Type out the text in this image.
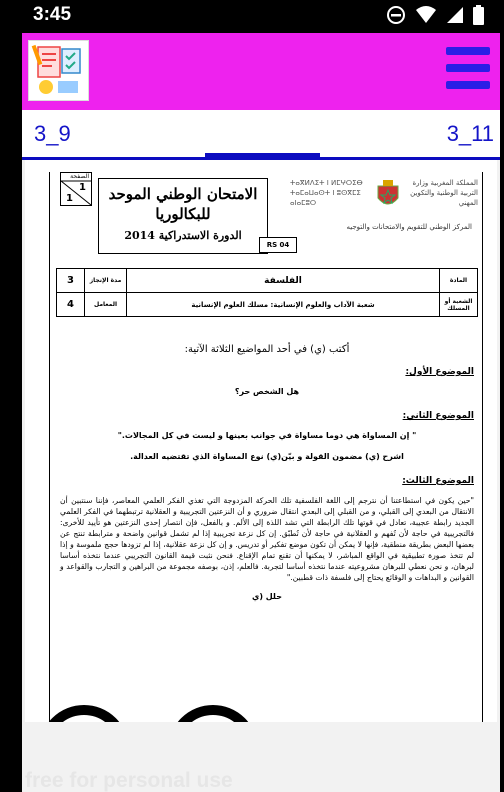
3:45
3_9	3_10	3_11
الصفحة
1
1	الامتحان الوطني الموحد
للبكالوريا
الدورة الاستدراكية 2014
RS 04
المملكة المغربية وزارة التربية الوطنية والتكوين المهني
ⵜⴰⴳⵍⴷⵉⵜ ⵏ ⵍⵎⵖⵔⵉⴱ ⵜⴰⵎⴰⵡⴰⵙⵜ ⵏ ⵓⵙⴳⵎⵉ ⴰⵏⴰⵎⵓⵔ
المركز الوطني للتقويم والامتحانات والتوجيه
3	مدة الإنجاز	الفلسفة	المادة
4	المعامل	شعبة الآداب والعلوم الإنسانية: مسلك العلوم الإنسانية	الشعبة أو المسلك
أكتب (ي) في أحد المواضيع الثلاثة الآتية:
الموضوع الأول:
هل الشخص حر؟
الموضوع الثاني:
" إن المساواة هي دوما مساواة في جوانب بعينها و ليست في كل المجالات."
اشرح (ي) مضمون القولة و بيّن(ي) نوع المساواة الذي تقتضيه العدالة.
الموضوع الثالث:
"حين يكون في استطاعتنا أن نترجم إلى اللغة الفلسفية تلك الحركة المزدوجة التي تغذي الفكر العلمي المعاصر، فإننا سنتبين أن الانتقال من البعدي إلى القبلي، و من القبلي إلى البعدي انتقال ضروري و أن النزعتين التجريبية و العقلانية ترتبطهما في الفكر العلمي الجديد رابطة عجيبة، تعادل في قوتها تلك الرابطة التي تشد اللذة إلى الألم. و بالفعل، فإن انتصار إحدى النزعتين هو تأييد للأخرى: فالتجريبية في حاجة لأن تُفهم و العقلانية في حاجة لأن تُطبّق. إن كل نزعة تجريبية إذا لم تشمل قوانين واضحة و مترابطة تنتج عن بعضها البعض بطريقة منطقية، فإنها لا يمكن أن تكون موضع تفكير أو تدريس. و إن كل نزعة عقلانية، إذا لم تزودها حجج ملموسة و إذا لم تتخذ صورة تطبيقية في الواقع المباشر، لا يمكنها أن تقنع تمام الإقناع. فنحن نثبت قيمة القانون التجريبي عندما نتخذه أساسا لبرهان، و نحن نعطي للبرهان مشروعيته عندما نتخذه أساسا لتجربة. فالعلم، إذن، بوصفه مجموعة من البراهين و التجارب والقواعد و القوانين و البداهات و الوقائع يحتاج إلى فلسفة ذات قطبين."
حلل (ي
free for personal use
